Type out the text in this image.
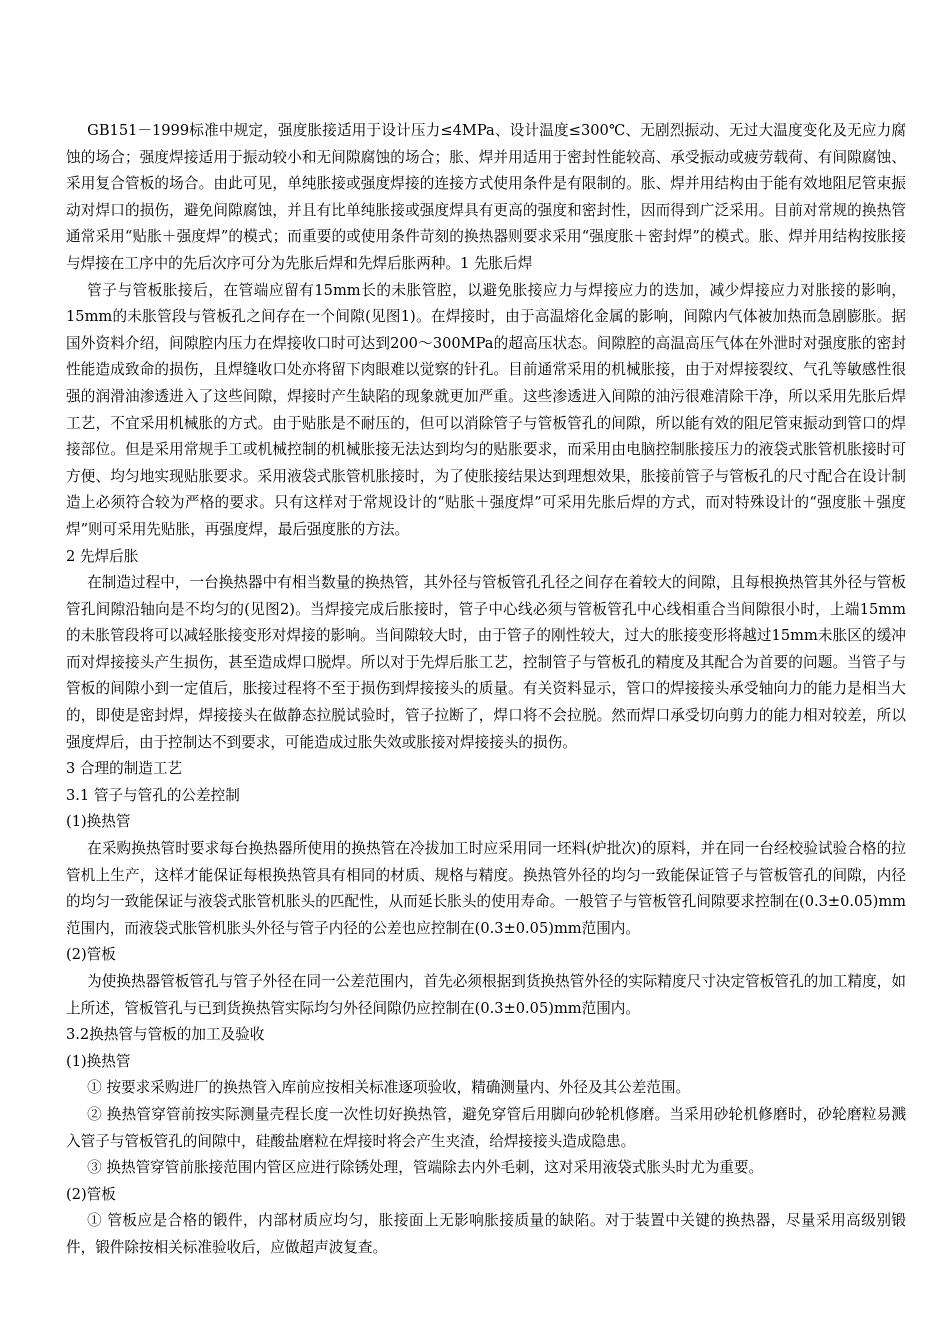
GB151－1999标准中规定，强度胀接适用于设计压力≤4MPa、设计温度≤300℃、无剧烈振动、无过大温度变化及无应力腐蚀的场合；强度焊接适用于振动较小和无间隙腐蚀的场合；胀、焊并用适用于密封性能较高、承受振动或疲劳载荷、有间隙腐蚀、采用复合管板的场合。由此可见，单纯胀接或强度焊接的连接方式使用条件是有限制的。胀、焊并用结构由于能有效地阻尼管束振动对焊口的损伤，避免间隙腐蚀，并且有比单纯胀接或强度焊具有更高的强度和密封性，因而得到广泛采用。目前对常规的换热管通常采用“贴胀＋强度焊”的模式；而重要的或使用条件苛刻的换热器则要求采用“强度胀＋密封焊”的模式。胀、焊并用结构按胀接与焊接在工序中的先后次序可分为先胀后焊和先焊后胀两种。1 先胀后焊

管子与管板胀接后，在管端应留有15mm长的未胀管腔，以避免胀接应力与焊接应力的迭加，减少焊接应力对胀接的影响，15mm的未胀管段与管板孔之间存在一个间隙(见图1)。在焊接时，由于高温熔化金属的影响，间隙内气体被加热而急剧膨胀。据国外资料介绍，间隙腔内压力在焊接收口时可达到200～300MPa的超高压状态。间隙腔的高温高压气体在外泄时对强度胀的密封性能造成致命的损伤，且焊缝收口处亦将留下肉眼难以觉察的针孔。目前通常采用的机械胀接，由于对焊接裂纹、气孔等敏感性很强的润滑油渗透进入了这些间隙，焊接时产生缺陷的现象就更加严重。这些渗透进入间隙的油污很难清除干净，所以采用先胀后焊工艺，不宜采用机械胀的方式。由于贴胀是不耐压的，但可以消除管子与管板管孔的间隙，所以能有效的阻尼管束振动到管口的焊接部位。但是采用常规手工或机械控制的机械胀接无法达到均匀的贴胀要求，而采用由电脑控制胀接压力的液袋式胀管机胀接时可方便、均匀地实现贴胀要求。采用液袋式胀管机胀接时，为了使胀接结果达到理想效果，胀接前管子与管板孔的尺寸配合在设计制造上必须符合较为严格的要求。只有这样对于常规设计的“贴胀＋强度焊”可采用先胀后焊的方式，而对特殊设计的“强度胀＋强度焊”则可采用先贴胀，再强度焊，最后强度胀的方法。

2 先焊后胀

在制造过程中，一台换热器中有相当数量的换热管，其外径与管板管孔孔径之间存在着较大的间隙，且每根换热管其外径与管板管孔间隙沿轴向是不均匀的(见图2)。当焊接完成后胀接时，管子中心线必须与管板管孔中心线相重合当间隙很小时，上端15mm的未胀管段将可以减轻胀接变形对焊接的影响。当间隙较大时，由于管子的刚性较大，过大的胀接变形将越过15mm未胀区的缓冲而对焊接接头产生损伤，甚至造成焊口脱焊。所以对于先焊后胀工艺，控制管子与管板孔的精度及其配合为首要的问题。当管子与管板的间隙小到一定值后，胀接过程将不至于损伤到焊接接头的质量。有关资料显示，管口的焊接接头承受轴向力的能力是相当大的，即使是密封焊，焊接接头在做静态拉脱试验时，管子拉断了，焊口将不会拉脱。然而焊口承受切向剪力的能力相对较差，所以强度焊后，由于控制达不到要求，可能造成过胀失效或胀接对焊接接头的损伤。

3 合理的制造工艺

3.1 管子与管孔的公差控制

(1)换热管

在采购换热管时要求每台换热器所使用的换热管在冷拔加工时应采用同一坯料(炉批次)的原料，并在同一台经校验试验合格的拉管机上生产，这样才能保证每根换热管具有相同的材质、规格与精度。换热管外径的均匀一致能保证管子与管板管孔的间隙，内径的均匀一致能保证与液袋式胀管机胀头的匹配性，从而延长胀头的使用寿命。一般管子与管板管孔间隙要求控制在(0.3±0.05)mm范围内，而液袋式胀管机胀头外径与管子内径的公差也应控制在(0.3±0.05)mm范围内。

(2)管板

为使换热器管板管孔与管子外径在同一公差范围内，首先必须根据到货换热管外径的实际精度尺寸决定管板管孔的加工精度，如上所述，管板管孔与已到货换热管实际均匀外径间隙仍应控制在(0.3±0.05)mm范围内。

3.2换热管与管板的加工及验收

(1)换热管

① 按要求采购进厂的换热管入库前应按相关标准逐项验收，精确测量内、外径及其公差范围。

② 换热管穿管前按实际测量壳程长度一次性切好换热管，避免穿管后用脚向砂轮机修磨。当采用砂轮机修磨时，砂轮磨粒易溅入管子与管板管孔的间隙中，硅酸盐磨粒在焊接时将会产生夹渣，给焊接接头造成隐患。

③ 换热管穿管前胀接范围内管区应进行除锈处理，管端除去内外毛刺，这对采用液袋式胀头时尤为重要。

(2)管板

① 管板应是合格的锻件，内部材质应均匀，胀接面上无影响胀接质量的缺陷。对于装置中关键的换热器，尽量采用高级别锻件，锻件除按相关标准验收后，应做超声波复查。
